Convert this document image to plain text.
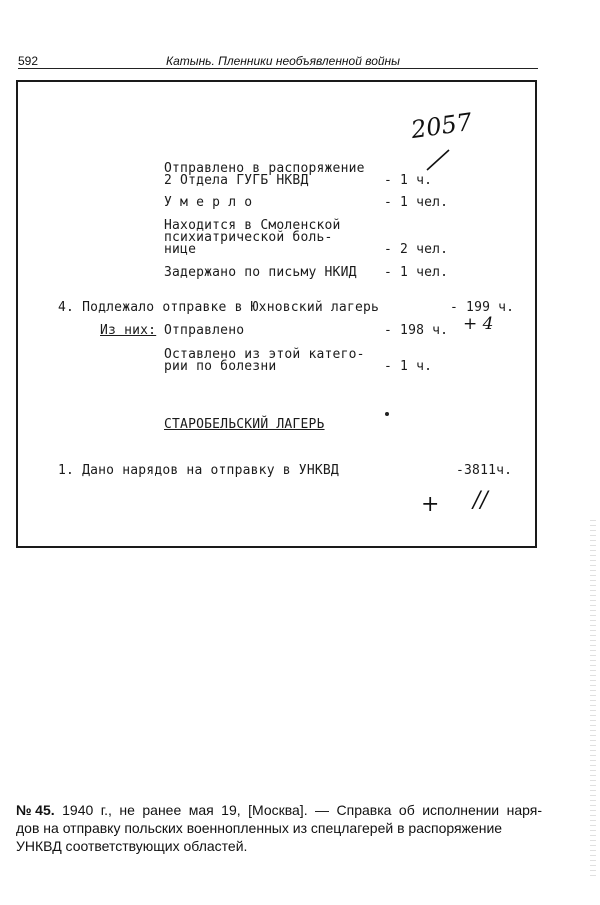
592	Катынь. Пленники необъявленной войны
2057
Отправлено в распоряжение
2 Отдела ГУГБ НКВД	- 1 ч.
У м е р л о	- 1 чел.
Находится в Смоленской
психиатрической боль-
нице	- 2 чел.
Задержано по письму НКИД - 1 чел.
4. Подлежало отправке в Юхновский лагерь	- 199 ч.
Из них: Отправлено	- 198 ч. + 4
Оставлено из этой катего-
рии по болезни	- 1 ч.
СТАРОБЕЛЬСКИЙ ЛАГЕРЬ
1. Дано нарядов на отправку в УНКВД	-3811ч.
+ //
№45. 1940 г., не ранее мая 19, [Москва]. — Справка об исполнении наря-
дов на отправку польских военнопленных из спецлагерей в распоряжение
УНКВД соответствующих областей.
